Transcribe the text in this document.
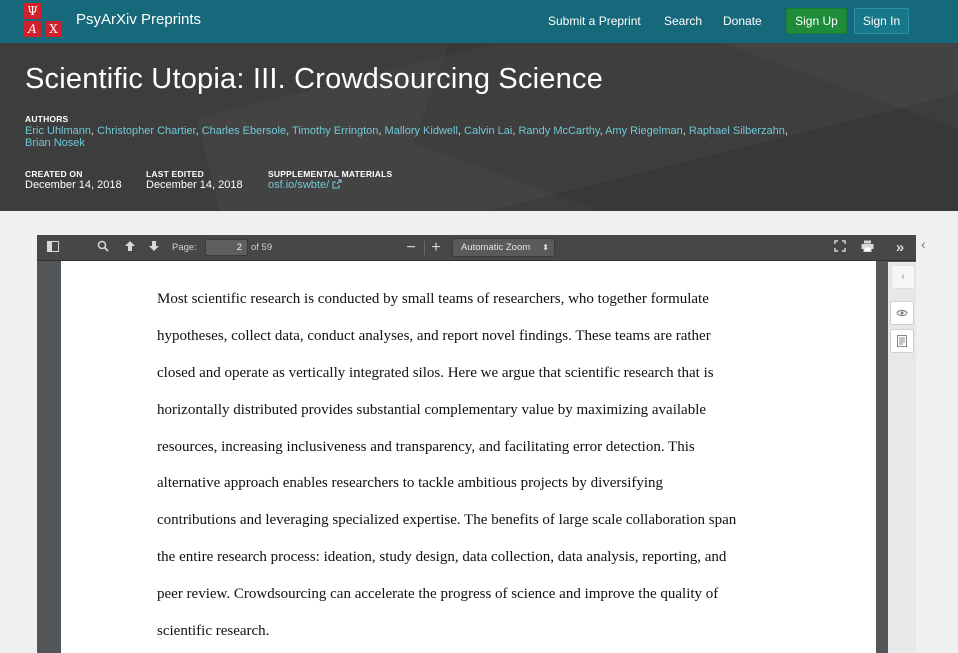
Ψ
A	X
PsyArXiv Preprints	Submit a Preprint Search Donate	Sign Up	Sign In
Scientific Utopia: III. Crowdsourcing Science
AUTHORS
Eric Uhlmann, Christopher Chartier, Charles Ebersole, Timothy Errington, Mallory Kidwell, Calvin Lai, Randy McCarthy, Amy Riegelman, Raphael Silberzahn, Brian Nosek
CREATED ON
December 14, 2018
LAST EDITED
December 14, 2018
SUPPLEMENTAL MATERIALS
osf.io/swbte/
‹
Page:	2 of 59	− +	Automatic Zoom ⬍	»
Most scientific research is conducted by small teams of researchers, who together formulate
hypotheses, collect data, conduct analyses, and report novel findings. These teams are rather
closed and operate as vertically integrated silos. Here we argue that scientific research that is
horizontally distributed provides substantial complementary value by maximizing available
resources, increasing inclusiveness and transparency, and facilitating error detection. This
alternative approach enables researchers to tackle ambitious projects by diversifying
contributions and leveraging specialized expertise. The benefits of large scale collaboration span
the entire research process: ideation, study design, data collection, data analysis, reporting, and
peer review. Crowdsourcing can accelerate the progress of science and improve the quality of
scientific research.
‹
